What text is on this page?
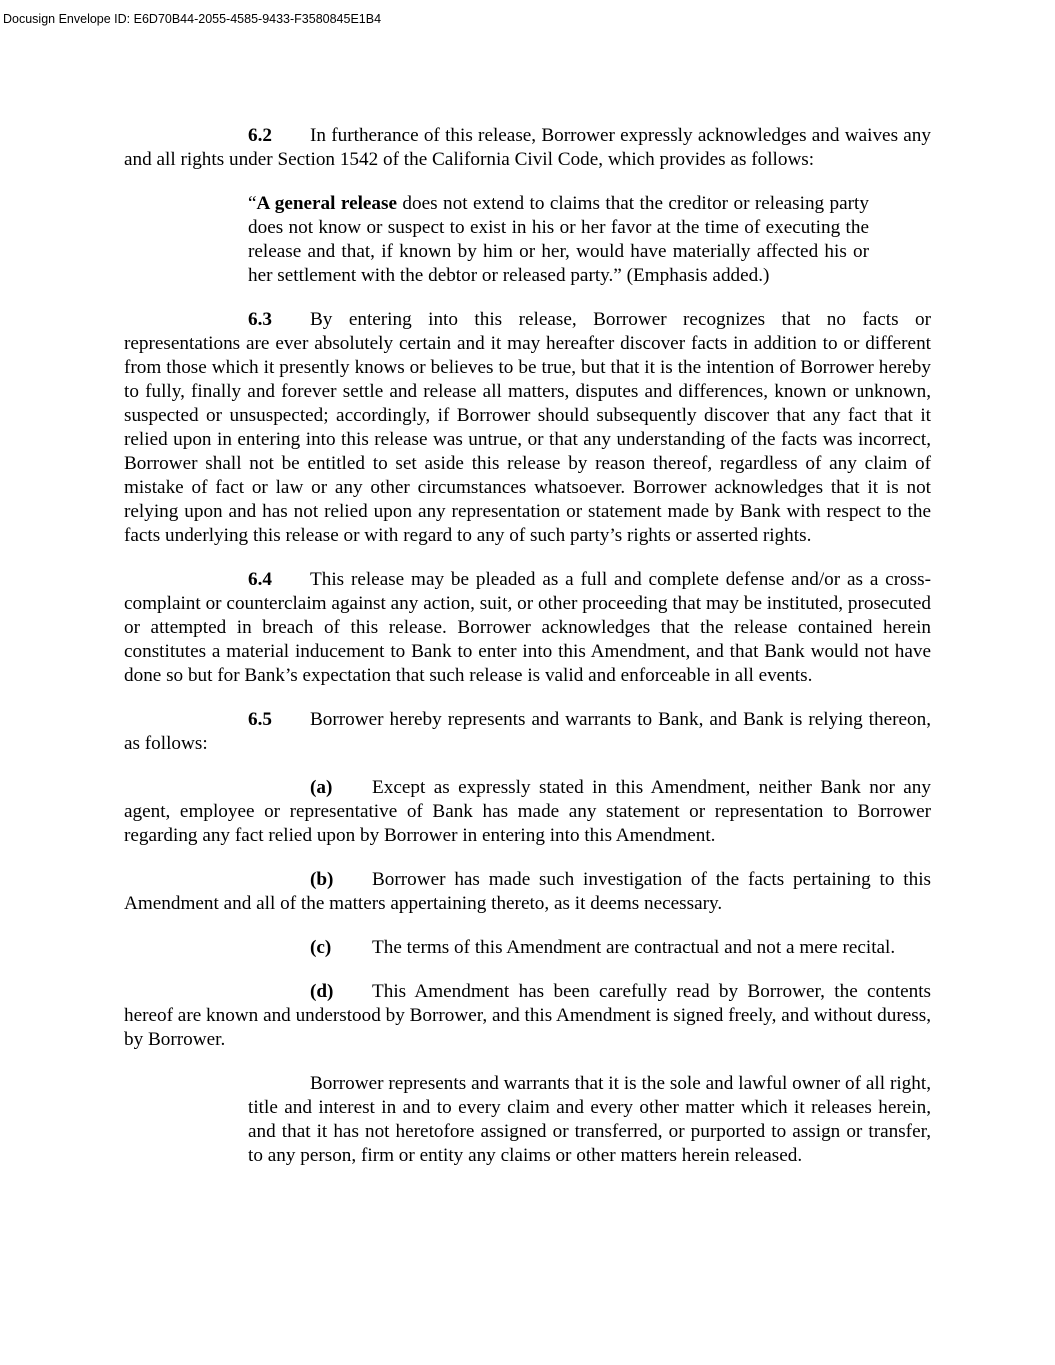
Docusign Envelope ID: E6D70B44-2055-4585-9433-F3580845E1B4

6.2 In furtherance of this release, Borrower expressly acknowledges and waives any and all rights under Section 1542 of the California Civil Code, which provides as follows:

“A general release does not extend to claims that the creditor or releasing party does not know or suspect to exist in his or her favor at the time of executing the release and that, if known by him or her, would have materially affected his or her settlement with the debtor or released party.” (Emphasis added.)

6.3 By entering into this release, Borrower recognizes that no facts or representations are ever absolutely certain and it may hereafter discover facts in addition to or different from those which it presently knows or believes to be true, but that it is the intention of Borrower hereby to fully, finally and forever settle and release all matters, disputes and differences, known or unknown, suspected or unsuspected; accordingly, if Borrower should subsequently discover that any fact that it relied upon in entering into this release was untrue, or that any understanding of the facts was incorrect, Borrower shall not be entitled to set aside this release by reason thereof, regardless of any claim of mistake of fact or law or any other circumstances whatsoever. Borrower acknowledges that it is not relying upon and has not relied upon any representation or statement made by Bank with respect to the facts underlying this release or with regard to any of such party’s rights or asserted rights.

6.4 This release may be pleaded as a full and complete defense and/or as a cross-complaint or counterclaim against any action, suit, or other proceeding that may be instituted, prosecuted or attempted in breach of this release. Borrower acknowledges that the release contained herein constitutes a material inducement to Bank to enter into this Amendment, and that Bank would not have done so but for Bank’s expectation that such release is valid and enforceable in all events.

6.5 Borrower hereby represents and warrants to Bank, and Bank is relying thereon, as follows:

(a) Except as expressly stated in this Amendment, neither Bank nor any agent, employee or representative of Bank has made any statement or representation to Borrower regarding any fact relied upon by Borrower in entering into this Amendment.

(b) Borrower has made such investigation of the facts pertaining to this Amendment and all of the matters appertaining thereto, as it deems necessary.

(c) The terms of this Amendment are contractual and not a mere recital.

(d) This Amendment has been carefully read by Borrower, the contents hereof are known and understood by Borrower, and this Amendment is signed freely, and without duress, by Borrower.

Borrower represents and warrants that it is the sole and lawful owner of all right, title and interest in and to every claim and every other matter which it releases herein, and that it has not heretofore assigned or transferred, or purported to assign or transfer, to any person, firm or entity any claims or other matters herein released.
